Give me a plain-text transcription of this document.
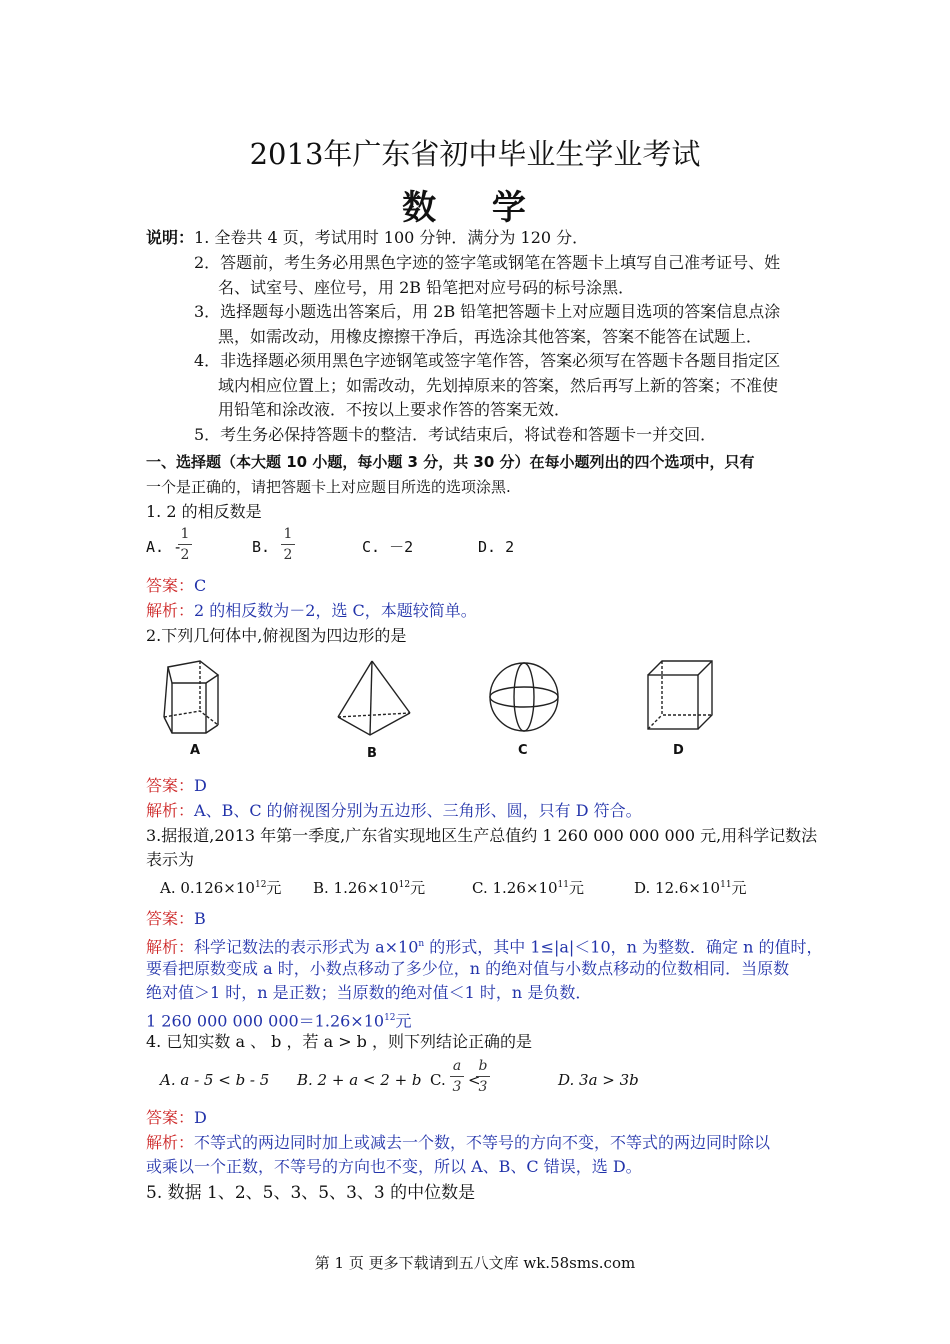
2013年广东省初中毕业生学业考试
数 学
说明：1. 全卷共 4 页，考试用时 100 分钟．满分为 120 分．
2．答题前，考生务必用黑色字迹的签字笔或钢笔在答题卡上填写自己准考证号、姓
名、试室号、座位号，用 2B 铅笔把对应号码的标号涂黑．
3．选择题每小题选出答案后，用 2B 铅笔把答题卡上对应题目选项的答案信息点涂
黑，如需改动，用橡皮擦擦干净后，再选涂其他答案，答案不能答在试题上．
4．非选择题必须用黑色字迹钢笔或签字笔作答，答案必须写在答题卡各题目指定区
域内相应位置上；如需改动，先划掉原来的答案，然后再写上新的答案；不准使
用铅笔和涂改液．不按以上要求作答的答案无效．
5．考生务必保持答题卡的整洁．考试结束后，将试卷和答题卡一并交回．
一、选择题（本大题 10 小题，每小题 3 分，共 30 分）在每小题列出的四个选项中，只有
一个是正确的，请把答题卡上对应题目所选的选项涂黑.
1. 2 的相反数是
A. -
1
2	B.
1
2	C. －2	D. 2
答案：C
解析：2 的相反数为－2，选 C，本题较简单。
2.下列几何体中,俯视图为四边形的是
A	B	C	D
答案：D
解析：A、B、C 的俯视图分别为五边形、三角形、圆，只有 D 符合。
3.据报道,2013 年第一季度,广东省实现地区生产总值约 1 260 000 000 000 元,用科学记数法
表示为
A. $0.126\times 10^{12}$元 B. $1.26\times 10^{12}$元	C. $1.26\times 10^{11}$元	D. $12.6\times 10^{11}$元
答案：B
解析：科学记数法的表示形式为 $a\times 10^n$ 的形式，其中 1≤|a|＜10，n 为整数．确定 n 的值时，
要看把原数变成 a 时，小数点移动了多少位，n 的绝对值与小数点移动的位数相同．当原数
绝对值＞1 时，n 是正数；当原数的绝对值＜1 时，n 是负数．
1 260 000 000 $000=1.26\times 10^{12}$元
4. 已知实数 a 、 b ，若 a > b ，则下列结论正确的是
A. a - 5 < b - 5 B. 2 + a < 2 + b C.
a
3 <
b
3	D. 3a > 3b
答案：D
解析：不等式的两边同时加上或减去一个数，不等号的方向不变，不等式的两边同时除以
或乘以一个正数，不等号的方向也不变，所以 A、B、C 错误，选 D。
5. 数据 1、2、5、3、5、3、3 的中位数是
第 1 页 更多下载请到五八文库 wk.58sms.com
